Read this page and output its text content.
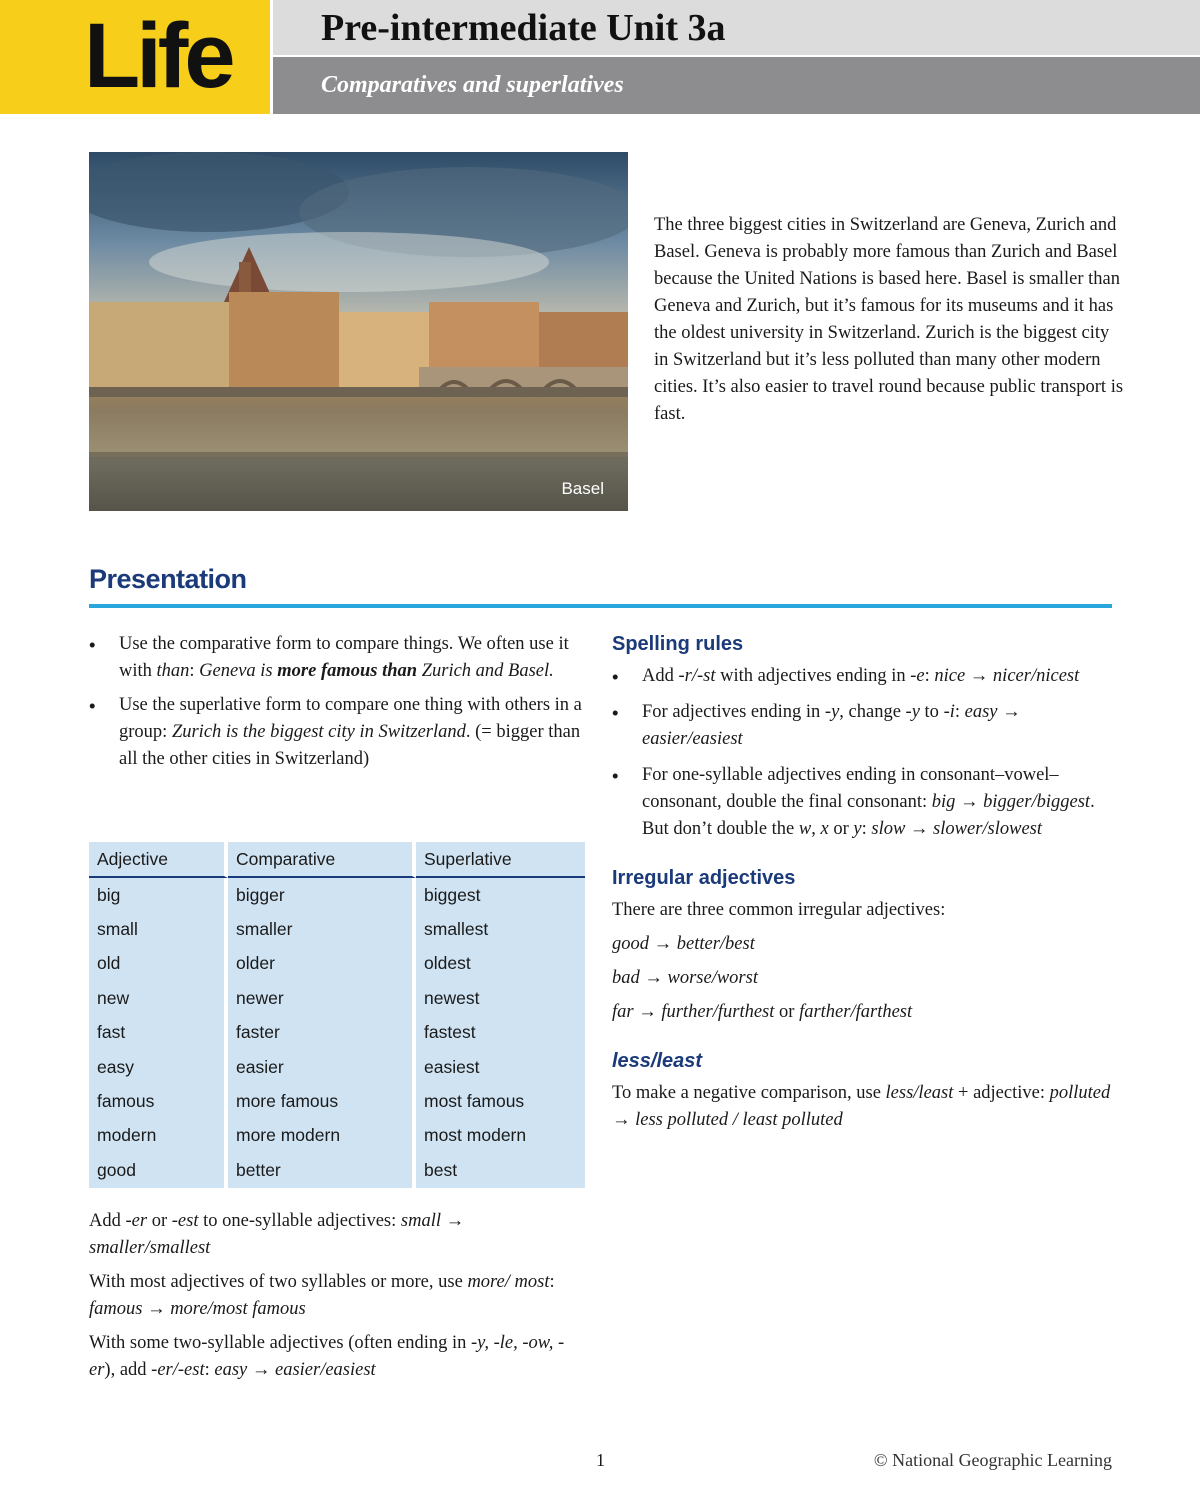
Life Pre-intermediate Unit 3a
Comparatives and superlatives
Basel

The three biggest cities in Switzerland are Geneva, Zurich and Basel. Geneva is probably more famous than Zurich and Basel because the United Nations is based here. Basel is smaller than Geneva and Zurich, but it’s famous for its museums and it has the oldest university in Switzerland. Zurich is the biggest city in Switzerland but it’s less polluted than many other modern cities. It’s also easier to travel round because public transport is fast.

Presentation
• Use the comparative form to compare things. We often use it with than: Geneva is more famous than Zurich and Basel.
• Use the superlative form to compare one thing with others in a group: Zurich is the biggest city in Switzerland. (= bigger than all the other cities in Switzerland)
Adjective	Comparative	Superlative
big	bigger	biggest
small	smaller	smallest
old	older	oldest
new	newer	newest
fast	faster	fastest
easy	easier	easiest
famous	more famous	most famous
modern	more modern	most modern
good	better	best

Add -er or -est to one-syllable adjectives: small → smaller/smallest

With most adjectives of two syllables or more, use more/ most: famous → more/most famous

With some two-syllable adjectives (often ending in -y, -le, -ow, -er), add -er/-est: easy → easier/easiest

Spelling rules
• Add -r/-st with adjectives ending in -e: nice → nicer/nicest
• For adjectives ending in -y, change -y to -i: easy → easier/easiest
• For one-syllable adjectives ending in consonant–vowel–consonant, double the final consonant: big → bigger/biggest. But don’t double the w, x or y: slow → slower/slowest
Irregular adjectives

There are three common irregular adjectives:

good → better/best

bad → worse/worst

far → further/furthest or farther/farthest

less/least

To make a negative comparison, use less/least + adjective: polluted → less polluted / least polluted

1	© National Geographic Learning
